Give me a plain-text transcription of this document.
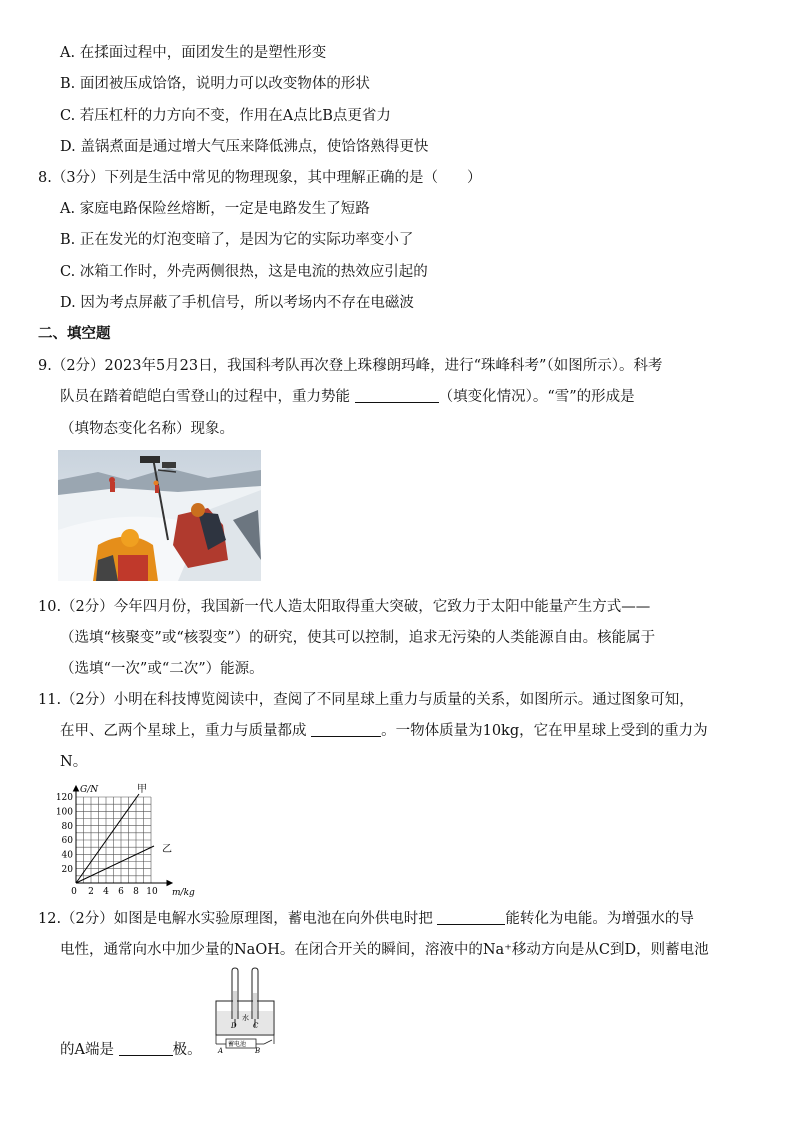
A. 在揉面过程中，面团发生的是塑性形变
B. 面团被压成饸饹，说明力可以改变物体的形状
C. 若压杠杆的力方向不变，作用在A点比B点更省力
D. 盖锅煮面是通过增大气压来降低沸点，使饸饹熟得更快
8.（3分）下列是生活中常见的物理现象，其中理解正确的是（　　）
A. 家庭电路保险丝熔断，一定是电路发生了短路
B. 正在发光的灯泡变暗了，是因为它的实际功率变小了
C. 冰箱工作时，外壳两侧很热，这是电流的热效应引起的
D. 因为考点屏蔽了手机信号，所以考场内不存在电磁波
二、填空题
9.（2分）2023年5月23日，我国科考队再次登上珠穆朗玛峰，进行“珠峰科考”（如图所示）。科考
队员在踏着皑皑白雪登山的过程中，重力势能	（填变化情况）。“雪”的形成是
（填物态变化名称）现象。
10.（2分）今年四月份，我国新一代人造太阳取得重大突破，它致力于太阳中能量产生方式——
（选填“核聚变”或“核裂变”）的研究，使其可以控制，追求无污染的人类能源自由。核能属于
（选填“一次”或“二次”）能源。
11.（2分）小明在科技博览阅读中，查阅了不同星球上重力与质量的关系，如图所示。通过图象可知，
在甲、乙两个星球上，重力与质量都成	。一物体质量为10kg，它在甲星球上受到的重力为
N。
甲
乙
G/N
m/kg
120
100
80
60
40
20
0 2 4 6 8 10
12.（2分）如图是电解水实验原理图，蓄电池在向外供电时把	能转化为电能。为增强水的导
电性，通常向水中加少量的NaOH。在闭合开关的瞬间，溶液中的Na⁺移动方向是从C到D，则蓄电池
的A端是	极。
水
D C
蓄电池
A	B
